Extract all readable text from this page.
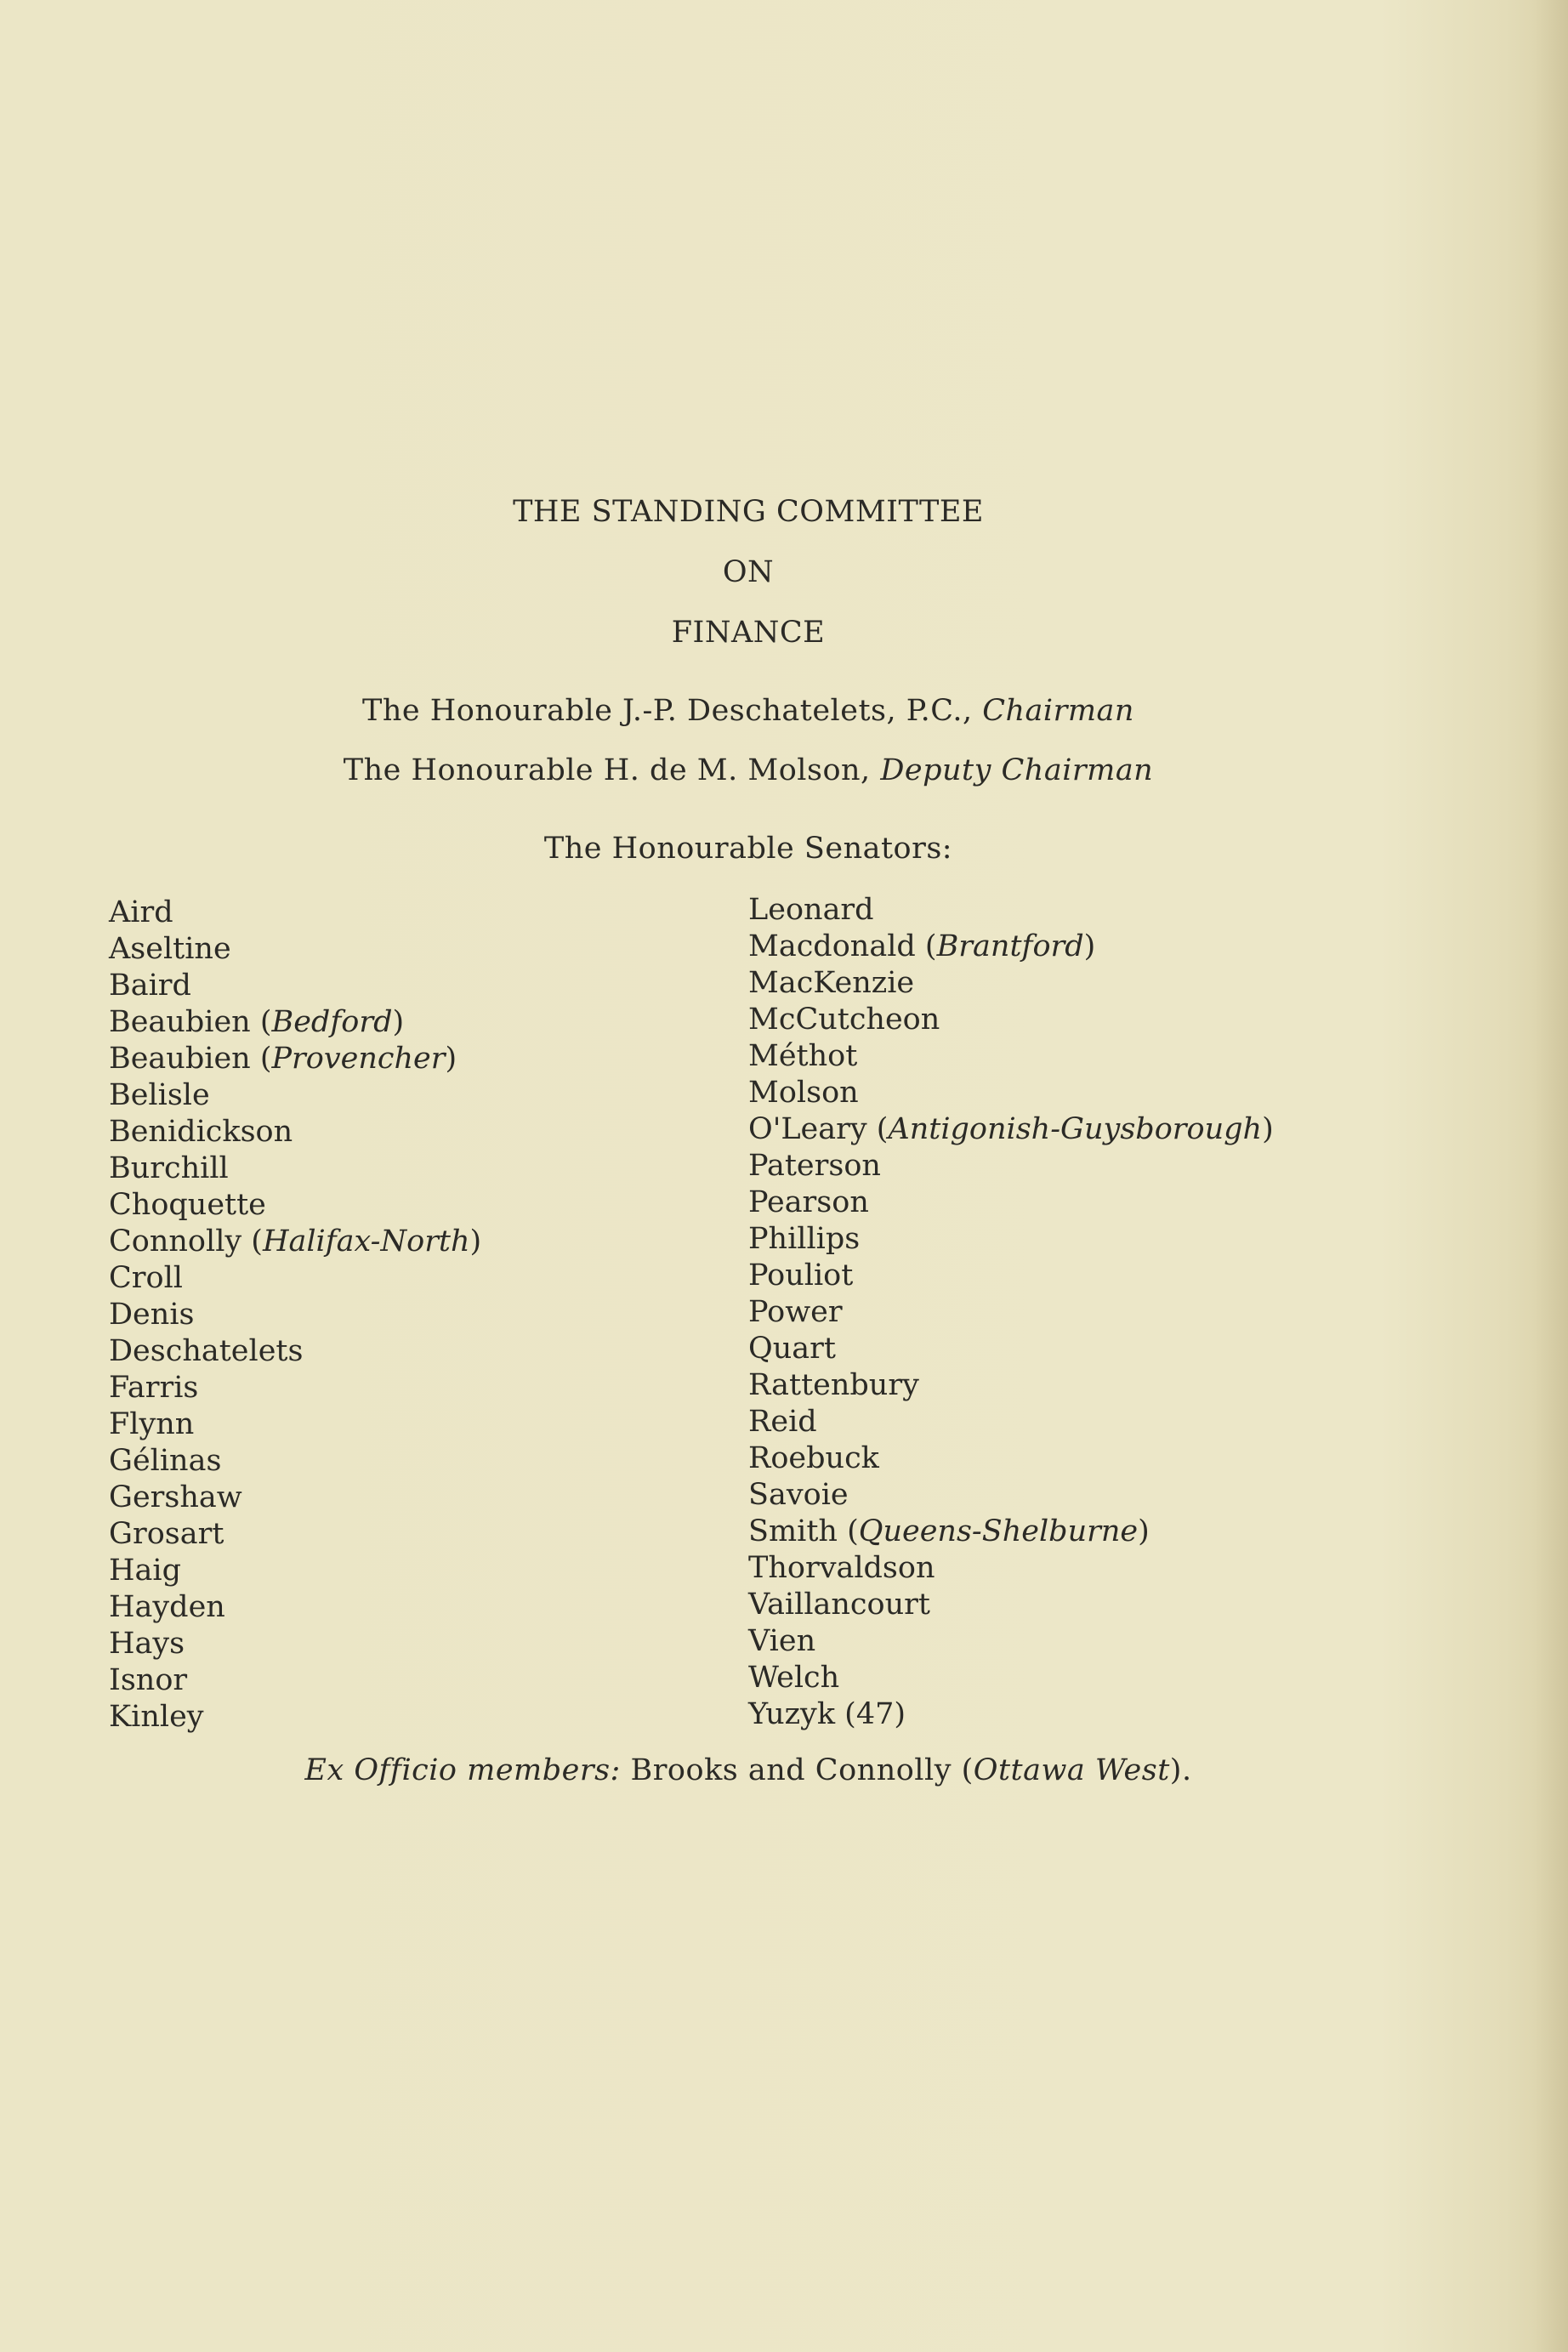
THE STANDING COMMITTEE
ON
FINANCE
The Honourable J.-P. Deschatelets, P.C., Chairman
The Honourable H. de M. Molson, Deputy Chairman
The Honourable Senators:
Aird
Aseltine
Baird
Beaubien (Bedford)
Beaubien (Provencher)
Belisle
Benidickson
Burchill
Choquette
Connolly (Halifax-North)
Croll
Denis
Deschatelets
Farris
Flynn
Gélinas
Gershaw
Grosart
Haig
Hayden
Hays
Isnor
Kinley
Leonard
Macdonald (Brantford)
MacKenzie
McCutcheon
Méthot
Molson
O'Leary (Antigonish-Guysborough)
Paterson
Pearson
Phillips
Pouliot
Power
Quart
Rattenbury
Reid
Roebuck
Savoie
Smith (Queens-Shelburne)
Thorvaldson
Vaillancourt
Vien
Welch
Yuzyk (47)
Ex Officio members: Brooks and Connolly (Ottawa West).
